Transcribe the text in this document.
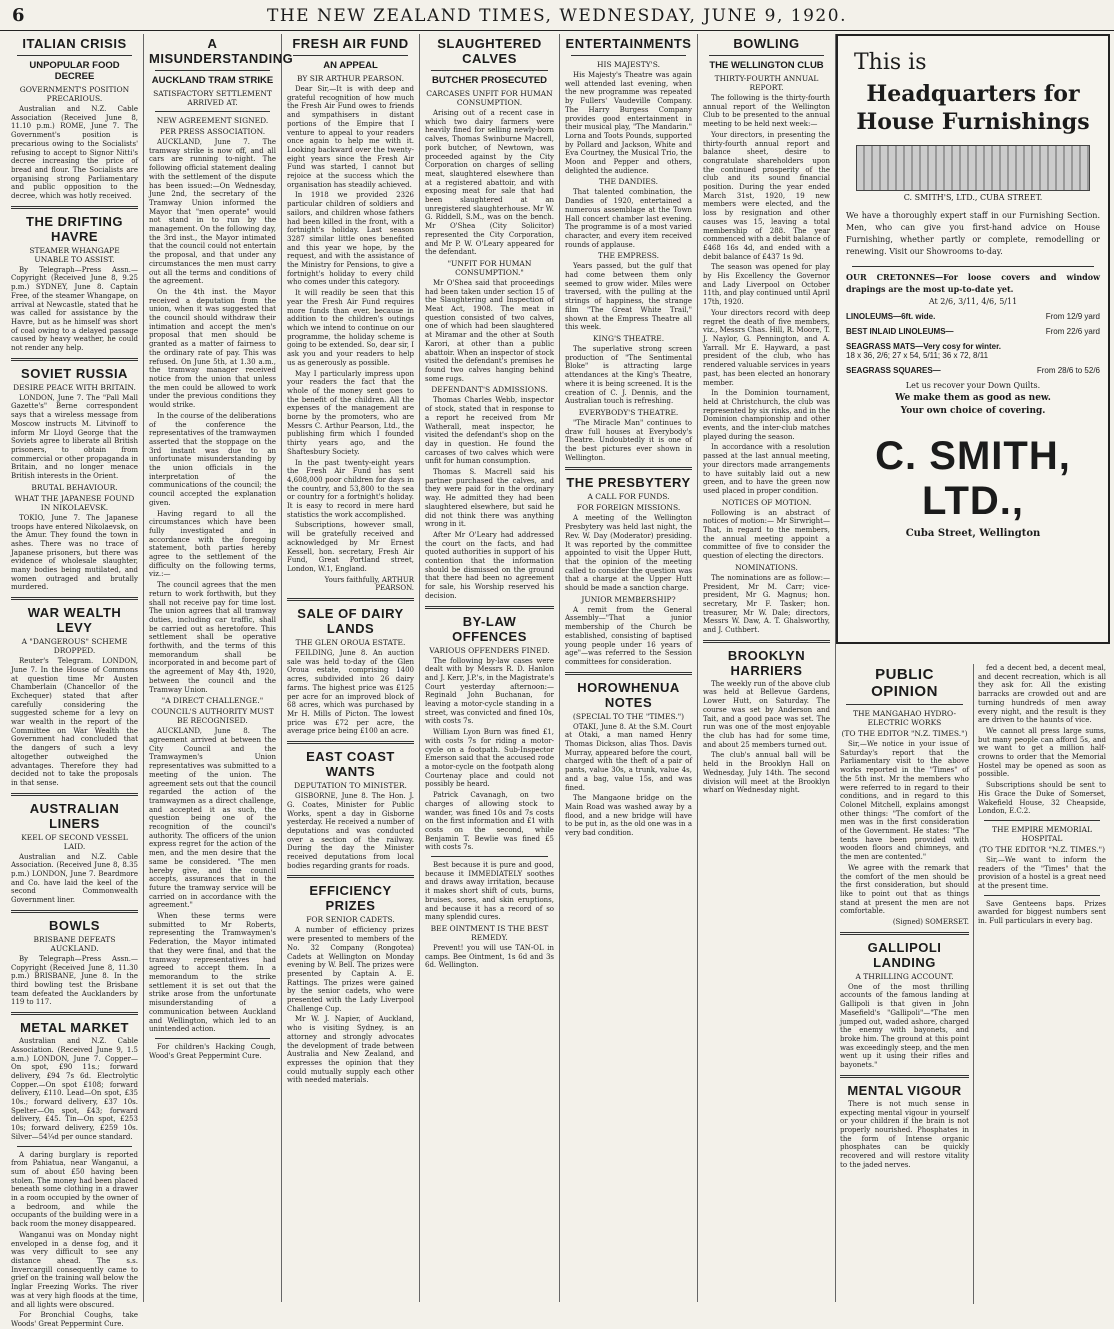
6	THE NEW ZEALAND TIMES, WEDNESDAY, JUNE 9, 1920.
ITALIAN CRISIS
UNPOPULAR FOOD DECREE
GOVERNMENT'S POSITION PRECARIOUS.

Australian and N.Z. Cable Association (Received June 8, 11.10 p.m.) ROME, June 7. The Government's position is precarious owing to the Socialists' refusing to accept to Signor Nitti's decree increasing the price of bread and flour. The Socialists are organising strong Parliamentary and public opposition to the decree, which was hotly received.

THE DRIFTING HAVRE
STEAMER WHANGAPE UNABLE TO ASSIST.

By Telegraph—Press Assn.—Copyright (Received June 8, 9.25 p.m.) SYDNEY, June 8. Captain Free, of the steamer Whangape, on arrival at Newcastle, stated that he was called for assistance by the Havre, but as he himself was short of coal owing to a delayed passage caused by heavy weather, he could not render any help.

SOVIET RUSSIA
DESIRE PEACE WITH BRITAIN.

LONDON, June 7. The "Pall Mall Gazette's" Berne correspondent says that a wireless message from Moscow instructs M. Litvinoff to inform Mr Lloyd George that the Soviets agree to liberate all British prisoners, to obtain from commercial or other propaganda in Britain, and no longer menace British interests in the Orient.

BRUTAL BEHAVIOUR.
WHAT THE JAPANESE FOUND IN NIKOLAEVSK.

TOKIO, June 7. The Japanese troops have entered Nikolaevsk, on the Amur. They found the town in ashes. There was no trace of Japanese prisoners, but there was evidence of wholesale slaughter, many bodies being mutilated, and women outraged and brutally murdered.

WAR WEALTH LEVY
A "DANGEROUS" SCHEME DROPPED.

Reuter's Telegram. LONDON, June 7. In the House of Commons at question time Mr Austen Chamberlain (Chancellor of the Exchequer) stated that after carefully considering the suggested scheme for a levy on war wealth in the report of the Committee on War Wealth the Government had concluded that the dangers of such a levy altogether outweighed the advantages. Therefore they had decided not to take the proposals in that sense.

AUSTRALIAN LINERS
KEEL OF SECOND VESSEL LAID.

Australian and N.Z. Cable Association. (Received June 8, 8.35 p.m.) LONDON, June 7. Beardmore and Co. have laid the keel of the second Commonwealth Government liner.

BOWLS
BRISBANE DEFEATS AUCKLAND.

By Telegraph—Press Assn.—Copyright (Received June 8, 11.30 p.m.) BRISBANE, June 8. In the third bowling test the Brisbane team defeated the Aucklanders by 119 to 117.

METAL MARKET

Australian and N.Z. Cable Association. (Received June 9, 1.5 a.m.) LONDON, June 7. Copper—On spot, £90 11s.; forward delivery, £94 7s 6d. Electrolytic Copper.—On spot £108; forward delivery, £110. Lead—On spot, £35 10s.; forward delivery, £37 10s. Spelter—On spot, £43; forward delivery, £45. Tin—On spot, £253 10s; forward delivery, £259 10s. Silver—54¼d per ounce standard.

A daring burglary is reported from Pahiatua, near Wanganui, a sum of about £50 having been stolen. The money had been placed beneath some clothing in a drawer in a room occupied by the owner of a bedroom, and while the occupants of the building were in a back room the money disappeared.

Wanganui was on Monday night enveloped in a dense fog, and it was very difficult to see any distance ahead. The s.s. Invercargill consequently came to grief on the training wall below the Inglar Freezing Works. The river was at very high floods at the time, and all lights were obscured.

For Bronchial Coughs, take Woods' Great Peppermint Cure.

A MISUNDERSTANDING
AUCKLAND TRAM STRIKE
SATISFACTORY SETTLEMENT ARRIVED AT.
NEW AGREEMENT SIGNED.
PER PRESS ASSOCIATION.

AUCKLAND, June 7. The tramway strike is now off, and all cars are running to-night. The following official statement dealing with the settlement of the dispute has been issued:—On Wednesday, June 2nd, the secretary of the Tramway Union informed the Mayor that "men operate" would not stand in to run by the management. On the following day, the 3rd inst., the Mayor intimated that the council could not entertain the proposal, and that under any circumstances the men must carry out all the terms and conditions of the agreement.

On the 4th inst. the Mayor received a deputation from the union, when it was suggested that the council should withdraw their intimation and accept the men's proposal that men should be granted as a matter of fairness to the ordinary rate of pay. This was refused. On June 5th, at 1.30 a.m., the tramway manager received notice from the union that unless the men could be allowed to work under the previous conditions they would strike.

In the course of the deliberations of the conference the representatives of the tramwaymen asserted that the stoppage on the 3rd instant was due to an unfortunate misunderstanding by the union officials in the interpretation of the communications of the council; the council accepted the explanation given.

Having regard to all the circumstances which have been fully investigated and in accordance with the foregoing statement, both parties hereby agree to the settlement of the difficulty on the following terms, viz.:—

The council agrees that the men return to work forthwith, but they shall not receive pay for time lost. The union agrees that all tramway duties, including car traffic, shall be carried out as heretofore. This settlement shall be operative forthwith, and the terms of this memorandum shall be incorporated in and become part of the agreement of May 4th, 1920, between the council and the Tramway Union.

"A DIRECT CHALLENGE."
COUNCIL'S AUTHORITY MUST BE RECOGNISED.

AUCKLAND, June 8. The agreement arrived at between the City Council and the Tramwaymen's Union representatives was submitted to a meeting of the union. The agreement sets out that the council regarded the action of the tramwaymen as a direct challenge, and accepted it as such, the question being one of the recognition of the council's authority. The officers of the union express regret for the action of the men, and the men desire that the same be considered. "The men hereby give, and the council accepts, assurances that in the future the tramway service will be carried on in accordance with the agreement."

When these terms were submitted to Mr Roberts, representing the Tramwaymen's Federation, the Mayor intimated that they were final, and that the tramway representatives had agreed to accept them. In a memorandum to the strike settlement it is set out that the strike arose from the unfortunate misunderstanding of a communication between Auckland and Wellington, which led to an unintended action.

For children's Hacking Cough, Wood's Great Peppermint Cure.

FRESH AIR FUND
AN APPEAL
BY SIR ARTHUR PEARSON.

Dear Sir,—It is with deep and grateful recognition of how much the Fresh Air Fund owes to friends and sympathisers in distant portions of the Empire that I venture to appeal to your readers once again to help me with it. Looking backward over the twenty-eight years since the Fresh Air Fund was started, I cannot but rejoice at the success which the organisation has steadily achieved.

In 1918 we provided 2326 particular children of soldiers and sailors, and children whose fathers had been killed in the front, with a fortnight's holiday. Last season 3287 similar little ones benefited and this year we hope, by the request, and with the assistance of the Ministry for Pensions, to give a fortnight's holiday to every child who comes under this category.

It will readily be seen that this year the Fresh Air Fund requires more funds than ever, because in addition to the children's outings which we intend to continue on our programme, the holiday scheme is going to be extended. So, dear sir, I ask you and your readers to help us as generously as possible.

May I particularly impress upon your readers the fact that the whole of the money sent goes to the benefit of the children. All the expenses of the management are borne by the promoters, who are Messrs C. Arthur Pearson, Ltd., the publishing firm which I founded thirty years ago, and the Shaftesbury Society.

In the past twenty-eight years the Fresh Air Fund has sent 4,608,000 poor children for days in the country, and 53,800 to the sea or country for a fortnight's holiday. It is easy to record in mere hard statistics the work accomplished.

Subscriptions, however small, will be gratefully received and acknowledged by Mr Ernest Kessell, hon. secretary, Fresh Air Fund, Great Portland street, London, W.1, England.

Yours faithfully, ARTHUR PEARSON.

SALE OF DAIRY LANDS
THE GLEN OROUA ESTATE.

FEILDING, June 8. An auction sale was held to-day of the Glen Oroua estate, comprising 1400 acres, subdivided into 26 dairy farms. The highest price was £125 per acre for an improved block of 68 acres, which was purchased by Mr H. Mills of Picton. The lowest price was £72 per acre, the average price being £100 an acre.

EAST COAST WANTS
DEPUTATION TO MINISTER.

GISBORNE, June 8. The Hon. J. G. Coates, Minister for Public Works, spent a day in Gisborne yesterday. He received a number of deputations and was conducted over a section of the railway. During the day the Minister received deputations from local bodies regarding grants for roads.

EFFICIENCY PRIZES
FOR SENIOR CADETS.

A number of efficiency prizes were presented to members of the No. 32 Company (Rongotea) Cadets at Wellington on Monday evening by W. Bell. The prizes were presented by Captain A. E. Rattings. The prizes were gained by the senior cadets, who were presented with the Lady Liverpool Challenge Cup.

Mr W. J. Napier, of Auckland, who is visiting Sydney, is an attorney and strongly advocates the development of trade between Australia and New Zealand, and expresses the opinion that they could mutually supply each other with needed materials.

SLAUGHTERED CALVES
BUTCHER PROSECUTED
CARCASES UNFIT FOR HUMAN CONSUMPTION.

Arising out of a recent case in which two dairy farmers were heavily fined for selling newly-born calves, Thomas Swinburne Macrell, pork butcher, of Newtown, was proceeded against by the City Corporation on charges of selling meat, slaughtered elsewhere than at a registered abattoir, and with exposing meat for sale that had been slaughtered at an unregistered slaughterhouse. Mr W. G. Riddell, S.M., was on the bench. Mr O'Shea (City Solicitor) represented the City Corporation, and Mr P. W. O'Leary appeared for the defendant.

"UNFIT FOR HUMAN CONSUMPTION."

Mr O'Shea said that proceedings had been taken under section 15 of the Slaughtering and Inspection of Meat Act, 1908. The meat in question consisted of two calves, one of which had been slaughtered at Miramar and the other at South Karori, at other than a public abattoir. When an inspector of stock visited the defendant's premises he found two calves hanging behind some rugs.

DEFENDANT'S ADMISSIONS.

Thomas Charles Webb, inspector of stock, stated that in response to a report he received from Mr Watherall, meat inspector, he visited the defendant's shop on the day in question. He found the carcases of two calves which were unfit for human consumption.

Thomas S. Macrell said his partner purchased the calves, and they were paid for in the ordinary way. He admitted they had been slaughtered elsewhere, but said he did not think there was anything wrong in it.

After Mr O'Leary had addressed the court on the facts, and had quoted authorities in support of his contention that the information should be dismissed on the ground that there had been no agreement for sale, his Worship reserved his decision.

BY-LAW OFFENCES
VARIOUS OFFENDERS FINED.

The following by-law cases were dealt with by Messrs R. D. Hanlon and J. Kerr, J.P.'s, in the Magistrate's Court yesterday afternoon:—Reginald John Buchanan, for leaving a motor-cycle standing in a street, was convicted and fined 10s, with costs 7s.

William Lyon Burn was fined £1, with costs 7s for riding a motor-cycle on a footpath. Sub-Inspector Emerson said that the accused rode a motor-cycle on the footpath along Courtenay place and could not possibly be heard.

Patrick Cavanagh, on two charges of allowing stock to wander, was fined 10s and 7s costs on the first information and £1 with costs on the second, while Benjamin T. Bewlie was fined £5 with costs 7s.

Best because it is pure and good, because it IMMEDIATELY soothes and draws away irritation, because it makes short shift of cuts, burns, bruises, sores, and skin eruptions, and because it has a record of so many splendid cures.

BEE OINTMENT IS THE BEST REMEDY.

Prevent! you will use TAN-OL in camps. Bee Ointment, 1s 6d and 3s 6d. Wellington.

ENTERTAINMENTS
HIS MAJESTY'S.

His Majesty's Theatre was again well attended last evening, when the new programme was repeated by Fullers' Vaudeville Company. The Harry Burgess Company provides good entertainment in their musical play, "The Mandarin." Lorna and Toots Pounds, supported by Pollard and Jackson, White and Eva Courtney, the Musical Trio, the Moon and Pepper and others, delighted the audience.

THE DANDIES.

That talented combination, the Dandies of 1920, entertained a numerous assemblage at the Town Hall concert chamber last evening. The programme is of a most varied character, and every item received rounds of applause.

THE EMPRESS.

Years passed, but the gulf that had come between them only seemed to grow wider. Miles were traversed, with the pulling at the strings of happiness, the strange film "The Great White Trail," shown at the Empress Theatre all this week.

KING'S THEATRE.

The superlative strong screen production of "The Sentimental Bloke" is attracting large attendances at the King's Theatre, where it is being screened. It is the creation of C. J. Dennis, and the Australian touch is refreshing.

EVERYBODY'S THEATRE.

"The Miracle Man" continues to draw full houses at Everybody's Theatre. Undoubtedly it is one of the best pictures ever shown in Wellington.

THE PRESBYTERY
A CALL FOR FUNDS.
FOR FOREIGN MISSIONS.

A meeting of the Wellington Presbytery was held last night, the Rev. W. Day (Moderator) presiding. It was reported by the committee appointed to visit the Upper Hutt, that the opinion of the meeting called to consider the question was that a charge at the Upper Hutt should be made a sanction charge.

JUNIOR MEMBERSHIP?

A remit from the General Assembly—"That a junior membership of the Church be established, consisting of baptised young people under 16 years of age"—was referred to the Session committees for consideration.

HOROWHENUA NOTES
(SPECIAL TO THE "TIMES.")

OTAKI, June 8. At the S.M. Court at Otaki, a man named Henry Thomas Dickson, alias Thos. Davis Murray, appeared before the court, charged with the theft of a pair of pants, value 30s, a trunk, value 4s, and a bag, value 15s, and was fined.

The Mangaone bridge on the Main Road was washed away by a flood, and a new bridge will have to be put in, as the old one was in a very bad condition.

BOWLING
THE WELLINGTON CLUB
THIRTY-FOURTH ANNUAL REPORT.

The following is the thirty-fourth annual report of the Wellington Club to be presented to the annual meeting to be held next week:—

Your directors, in presenting the thirty-fourth annual report and balance sheet, desire to congratulate shareholders upon the continued prosperity of the club and its sound financial position. During the year ended March 31st, 1920, 19 new members were elected, and the loss by resignation and other causes was 15, leaving a total membership of 288. The year commenced with a debit balance of £468 16s 4d, and ended with a debit balance of £437 1s 9d.

The season was opened for play by His Excellency the Governor and Lady Liverpool on October 11th, and play continued until April 17th, 1920.

Your directors record with deep regret the death of five members, viz., Messrs Chas. Hill, R. Moore, T. J. Naylor, G. Pennington, and A. Yarrall. Mr E. Hayward, a past president of the club, who has rendered valuable services in years past, has been elected an honorary member.

In the Dominion tournament, held at Christchurch, the club was represented by six rinks, and in the Dominion championship and other events, and the inter-club matches played during the season.

In accordance with a resolution passed at the last annual meeting, your directors made arrangements to have suitably laid out a new green, and to have the green now used placed in proper condition.

NOTICES OF MOTION.

Following is an abstract of notices of motion:— Mr Sirwright—That, in regard to the members, the annual meeting appoint a committee of five to consider the question of electing the directors.

NOMINATIONS.

The nominations are as follow:—President, Mr M. Carr; vice-president, Mr G. Magnus; hon. secretary, Mr F. Tasker; hon. treasurer, Mr W. Dale; directors, Messrs W. Daw, A. T. Ghalsworthy, and J. Cuthbert.

BROOKLYN HARRIERS

The weekly run of the above club was held at Bellevue Gardens, Lower Hutt, on Saturday. The course was set by Anderson and Tait, and a good pace was set. The run was one of the most enjoyable the club has had for some time, and about 25 members turned out.

The club's annual ball will be held in the Brooklyn Hall on Wednesday, July 14th. The second division will meet at the Brooklyn wharf on Wednesday night.

This is
Headquarters for
House Furnishings
C. SMITH'S, LTD., CUBA STREET.
We have a thoroughly expert staff in our Furnishing Section. Men, who can give you first-hand advice on House Furnishing, whether partly or complete, remodelling or renewing. Visit our Showrooms to-day.
OUR CRETONNES—For loose covers and window drapings are the most up-to-date yet.
At 2/6, 3/11, 4/6, 5/11
LINOLEUMS—6ft. wide.	From 12/9 yard
BEST INLAID LINOLEUMS—	From 22/6 yard
SEAGRASS MATS—Very cosy for winter.
18 x 36, 2/6; 27 x 54, 5/11; 36 x 72, 8/11
SEAGRASS SQUARES—	From 28/6 to 52/6
Let us recover your Down Quilts.
We make them as good as new.
Your own choice of covering.
C. SMITH, LTD.,
Cuba Street, Wellington
PUBLIC OPINION
THE MANGAHAO HYDRO-ELECTRIC WORKS
(TO THE EDITOR "N.Z. TIMES.")

Sir,—We notice in your issue of Saturday's report that the Parliamentary visit to the above works reported in the "Times" of the 5th inst. Mr the members who were referred to in regard to their conditions, and in regard to this Colonel Mitchell, explains amongst other things: "The comfort of the men was in the first consideration of the Government. He states: "The tents have been provided with wooden floors and chimneys, and the men are contented."

We agree with the remark that the comfort of the men should be the first consideration, but should like to point out that as things stand at present the men are not comfortable.

(Signed) SOMERSET.

GALLIPOLI LANDING
A THRILLING ACCOUNT.

One of the most thrilling accounts of the famous landing at Gallipoli is that given in John Masefield's "Gallipoli"—"The men jumped out, waded ashore, charged the enemy with bayonets, and broke him. The ground at this point was exceedingly steep, and the men went up it using their rifles and bayonets."

MENTAL VIGOUR

There is not much sense in expecting mental vigour in yourself or your children if the brain is not properly nourished. Phosphates in the form of Intense organic phosphates can be quickly recovered and will restore vitality to the jaded nerves.

fed a decent bed, a decent meal, and decent recreation, which is all they ask for. All the existing barracks are crowded out and are turning hundreds of men away every night, and the result is they are driven to the haunts of vice.

We cannot all press large sums, but many people can afford 5s, and we want to get a million half-crowns to order that the Memorial Hostel may be opened as soon as possible.

Subscriptions should be sent to His Grace the Duke of Somerset, Wakefield House, 32 Cheapside, London, E.C.2.

THE EMPIRE MEMORIAL HOSPITAL
(TO THE EDITOR "N.Z. TIMES.")

Sir,—We want to inform the readers of the "Times" that the provision of a hostel is a great need at the present time.

Save Genteens baps. Prizes awarded for biggest numbers sent in. Full particulars in every bag.
